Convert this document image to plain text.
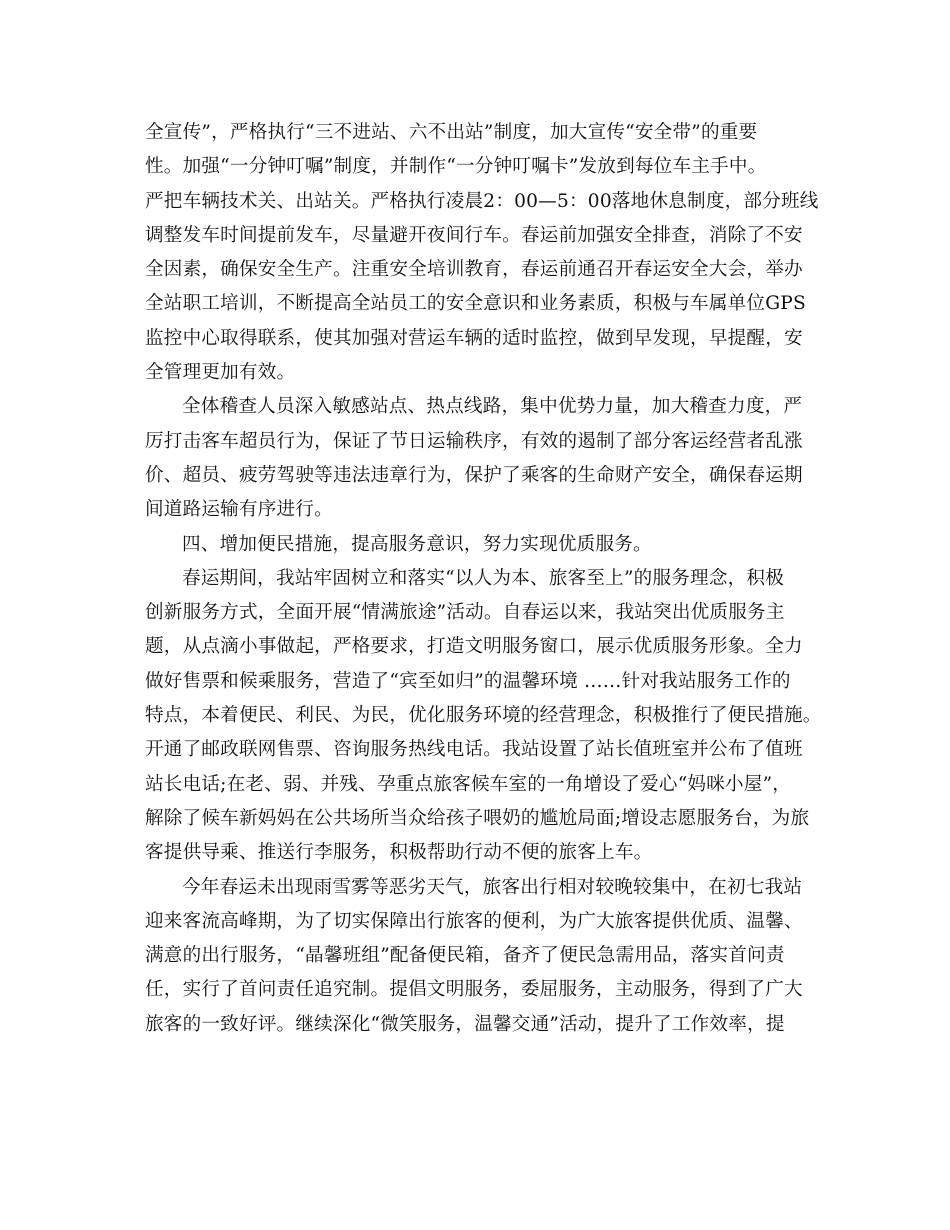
全宣传”，严格执行“三不进站、六不出站”制度，加大宣传“安全带”的重要
性。加强“一分钟叮嘱”制度，并制作“一分钟叮嘱卡”发放到每位车主手中。
严把车辆技术关、出站关。严格执行凌晨2：00—5：00落地休息制度，部分班线
调整发车时间提前发车，尽量避开夜间行车。春运前加强安全排查，消除了不安
全因素，确保安全生产。注重安全培训教育，春运前通召开春运安全大会，举办
全站职工培训，不断提高全站员工的安全意识和业务素质，积极与车属单位GPS
监控中心取得联系，使其加强对营运车辆的适时监控，做到早发现，早提醒，安
全管理更加有效。
全体稽查人员深入敏感站点、热点线路，集中优势力量，加大稽查力度，严
厉打击客车超员行为，保证了节日运输秩序，有效的遏制了部分客运经营者乱涨
价、超员、疲劳驾驶等违法违章行为，保护了乘客的生命财产安全，确保春运期
间道路运输有序进行。
四、增加便民措施，提高服务意识，努力实现优质服务。
春运期间，我站牢固树立和落实“以人为本、旅客至上”的服务理念，积极
创新服务方式，全面开展“情满旅途”活动。自春运以来，我站突出优质服务主
题，从点滴小事做起，严格要求，打造文明服务窗口，展示优质服务形象。全力
做好售票和候乘服务，营造了“宾至如归”的温馨环境 ……针对我站服务工作的
特点，本着便民、利民、为民，优化服务环境的经营理念，积极推行了便民措施。
开通了邮政联网售票、咨询服务热线电话。我站设置了站长值班室并公布了值班
站长电话;在老、弱、并残、孕重点旅客候车室的一角增设了爱心“妈咪小屋”，
解除了候车新妈妈在公共场所当众给孩子喂奶的尴尬局面;增设志愿服务台，为旅
客提供导乘、推送行李服务，积极帮助行动不便的旅客上车。
今年春运未出现雨雪雾等恶劣天气，旅客出行相对较晚较集中，在初七我站
迎来客流高峰期，为了切实保障出行旅客的便利，为广大旅客提供优质、温馨、
满意的出行服务，“晶馨班组”配备便民箱，备齐了便民急需用品，落实首问责
任，实行了首问责任追究制。提倡文明服务，委屈服务，主动服务，得到了广大
旅客的一致好评。继续深化“微笑服务，温馨交通”活动，提升了工作效率，提
